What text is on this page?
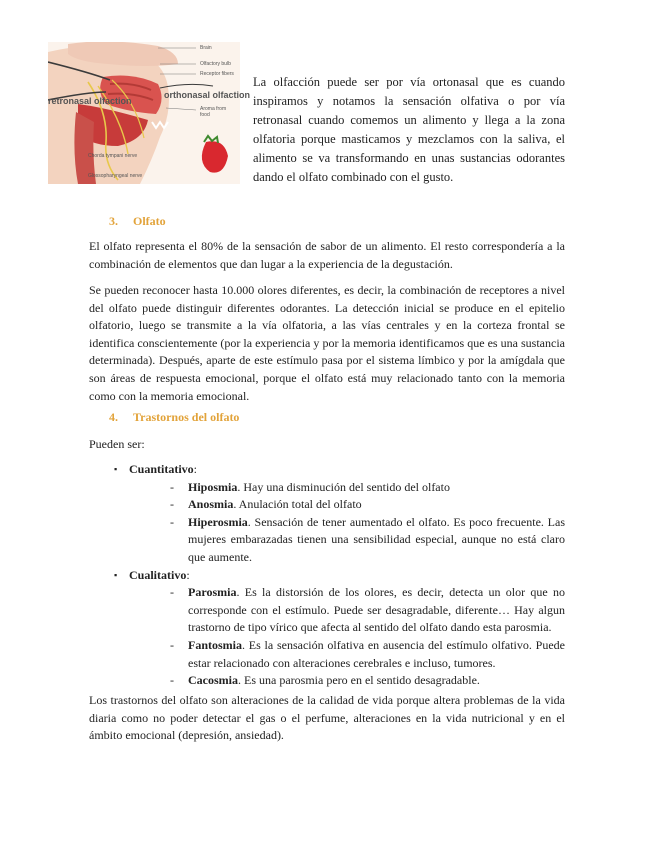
Brain
Olfactory bulb
Receptor fibers
Aroma from food
Chorda tympani nerve
Glossopharyngeal nerve
retronasal olfaction
orthonasal olfaction

La olfacción puede ser por vía ortonasal que es cuando inspiramos y notamos la sensación olfativa o por vía retronasal cuando comemos un alimento y llega a la zona olfatoria porque masticamos y mezclamos con la saliva, el alimento se va transformando en unas sustancias odorantes dando el olfato combinado con el gusto.

3. Olfato

El olfato representa el 80% de la sensación de sabor de un alimento. El resto correspondería a la combinación de elementos que dan lugar a la experiencia de la degustación.

Se pueden reconocer hasta 10.000 olores diferentes, es decir, la combinación de receptores a nivel del olfato puede distinguir diferentes odorantes. La detección inicial se produce en el epitelio olfatorio, luego se transmite a la vía olfatoria, a las vías centrales y en la corteza frontal se identifica conscientemente (por la experiencia y por la memoria identificamos que es una sustancia determinada). Después, aparte de este estímulo pasa por el sistema límbico y por la amígdala que son áreas de respuesta emocional, porque el olfato está muy relacionado tanto con la memoria como con la memoria emocional.

4. Trastornos del olfato

Pueden ser:

▪ Cuantitativo:
- Hiposmia. Hay una disminución del sentido del olfato
- Anosmia. Anulación total del olfato
- Hiperosmia. Sensación de tener aumentado el olfato. Es poco frecuente. Las mujeres embarazadas tienen una sensibilidad especial, aunque no está claro que aumente.
▪ Cualitativo:
- Parosmia. Es la distorsión de los olores, es decir, detecta un olor que no corresponde con el estímulo. Puede ser desagradable, diferente… Hay algun trastorno de tipo vírico que afecta al sentido del olfato dando esta parosmia.
- Fantosmia. Es la sensación olfativa en ausencia del estímulo olfativo. Puede estar relacionado con alteraciones cerebrales e incluso, tumores.
- Cacosmia. Es una parosmia pero en el sentido desagradable.

Los trastornos del olfato son alteraciones de la calidad de vida porque altera problemas de la vida diaria como no poder detectar el gas o el perfume, alteraciones en la vida nutricional y en el ámbito emocional (depresión, ansiedad).
